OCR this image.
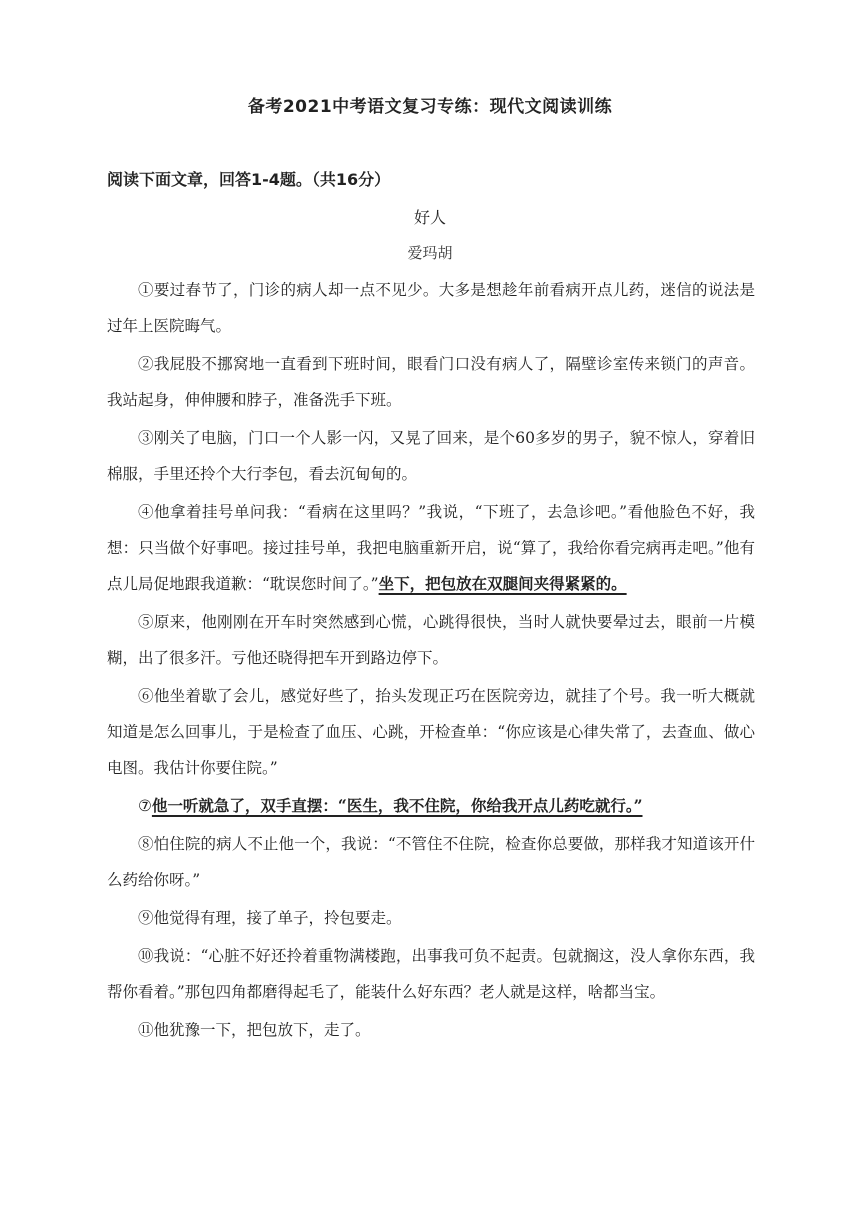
备考2021中考语文复习专练：现代文阅读训练
阅读下面文章，回答1-4题。（共16分）
好人
爱玛胡

①要过春节了，门诊的病人却一点不见少。大多是想趁年前看病开点儿药，迷信的说法是过年上医院晦气。

②我屁股不挪窝地一直看到下班时间，眼看门口没有病人了，隔壁诊室传来锁门的声音。我站起身，伸伸腰和脖子，准备洗手下班。

③刚关了电脑，门口一个人影一闪，又晃了回来，是个60多岁的男子，貌不惊人，穿着旧棉服，手里还拎个大行李包，看去沉甸甸的。

④他拿着挂号单问我：“看病在这里吗？”我说，“下班了，去急诊吧。”看他脸色不好，我想：只当做个好事吧。接过挂号单，我把电脑重新开启，说“算了，我给你看完病再走吧。”他有点儿局促地跟我道歉：“耽误您时间了。”坐下，把包放在双腿间夹得紧紧的。

⑤原来，他刚刚在开车时突然感到心慌，心跳得很快，当时人就快要晕过去，眼前一片模糊，出了很多汗。亏他还晓得把车开到路边停下。

⑥他坐着歇了会儿，感觉好些了，抬头发现正巧在医院旁边，就挂了个号。我一听大概就知道是怎么回事儿，于是检查了血压、心跳，开检查单：“你应该是心律失常了，去查血、做心电图。我估计你要住院。”

⑦他一听就急了，双手直摆：“医生，我不住院，你给我开点儿药吃就行。”

⑧怕住院的病人不止他一个，我说：“不管住不住院，检查你总要做，那样我才知道该开什么药给你呀。”

⑨他觉得有理，接了单子，拎包要走。

⑩我说：“心脏不好还拎着重物满楼跑，出事我可负不起责。包就搁这，没人拿你东西，我帮你看着。”那包四角都磨得起毛了，能装什么好东西？老人就是这样，啥都当宝。

⑪他犹豫一下，把包放下，走了。
